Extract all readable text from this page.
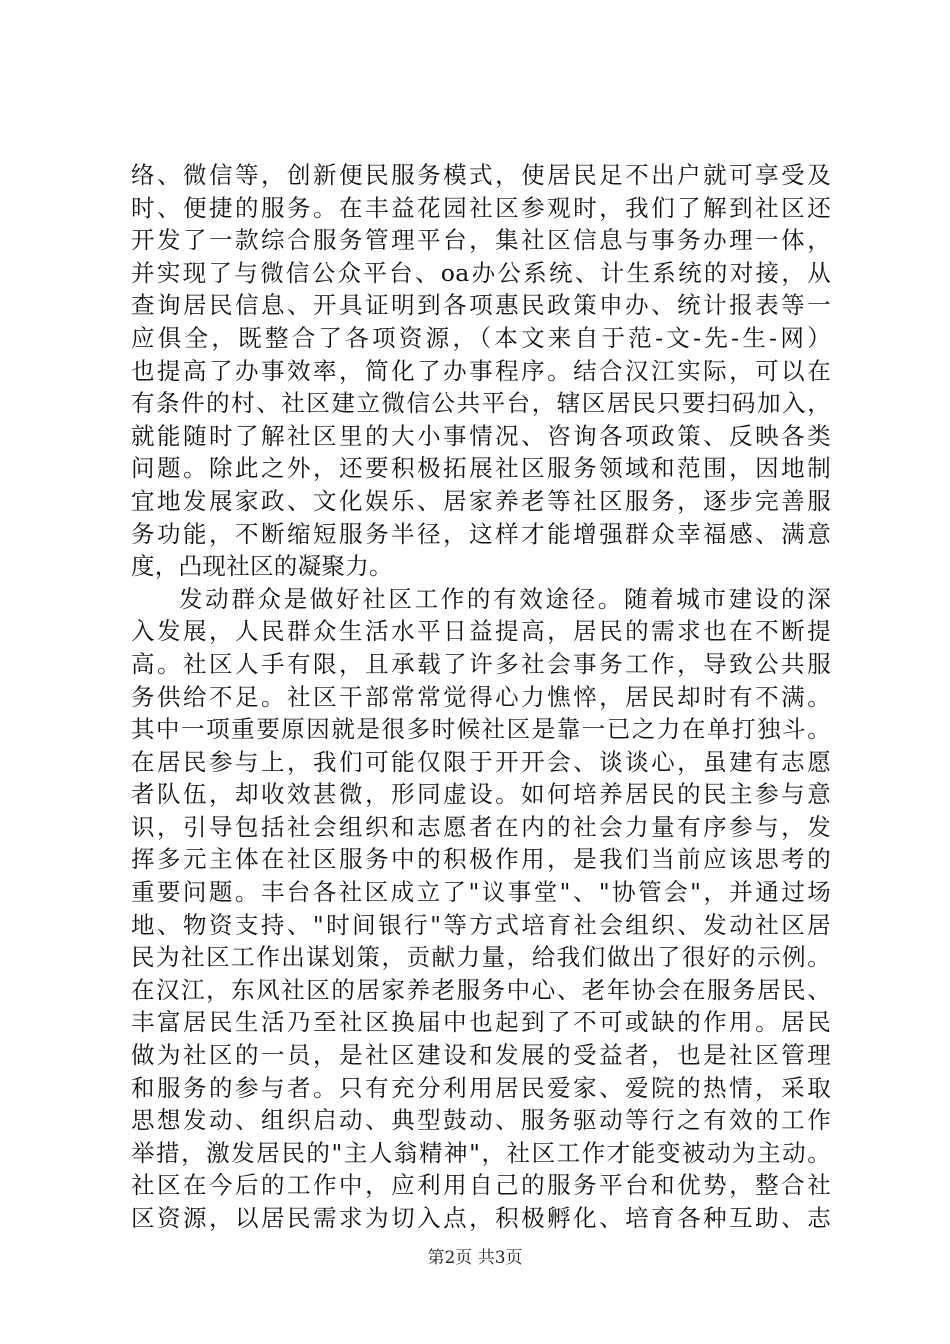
络、微信等，创新便民服务模式，使居民足不出户就可享受及
时、便捷的服务。在丰益花园社区参观时，我们了解到社区还
开发了一款综合服务管理平台，集社区信息与事务办理一体，
并实现了与微信公众平台、oa办公系统、计生系统的对接，从
查询居民信息、开具证明到各项惠民政策申办、统计报表等一
应俱全，既整合了各项资源，（本文来自于范-文-先-生-网）
也提高了办事效率，简化了办事程序。结合汉江实际，可以在
有条件的村、社区建立微信公共平台，辖区居民只要扫码加入，
就能随时了解社区里的大小事情况、咨询各项政策、反映各类
问题。除此之外，还要积极拓展社区服务领域和范围，因地制
宜地发展家政、文化娱乐、居家养老等社区服务，逐步完善服
务功能，不断缩短服务半径，这样才能增强群众幸福感、满意
度，凸现社区的凝聚力。
发动群众是做好社区工作的有效途径。随着城市建设的深
入发展，人民群众生活水平日益提高，居民的需求也在不断提
高。社区人手有限，且承载了许多社会事务工作，导致公共服
务供给不足。社区干部常常觉得心力憔悴，居民却时有不满。
其中一项重要原因就是很多时候社区是靠一已之力在单打独斗。
在居民参与上，我们可能仅限于开开会、谈谈心，虽建有志愿
者队伍，却收效甚微，形同虚设。如何培养居民的民主参与意
识，引导包括社会组织和志愿者在内的社会力量有序参与，发
挥多元主体在社区服务中的积极作用，是我们当前应该思考的
重要问题。丰台各社区成立了"议事堂"、"协管会"，并通过场
地、物资支持、"时间银行"等方式培育社会组织、发动社区居
民为社区工作出谋划策，贡献力量，给我们做出了很好的示例。
在汉江，东风社区的居家养老服务中心、老年协会在服务居民、
丰富居民生活乃至社区换届中也起到了不可或缺的作用。居民
做为社区的一员，是社区建设和发展的受益者，也是社区管理
和服务的参与者。只有充分利用居民爱家、爱院的热情，采取
思想发动、组织启动、典型鼓动、服务驱动等行之有效的工作
举措，激发居民的"主人翁精神"，社区工作才能变被动为主动。
社区在今后的工作中，应利用自己的服务平台和优势，整合社
区资源，以居民需求为切入点，积极孵化、培育各种互助、志
第2页 共3页
